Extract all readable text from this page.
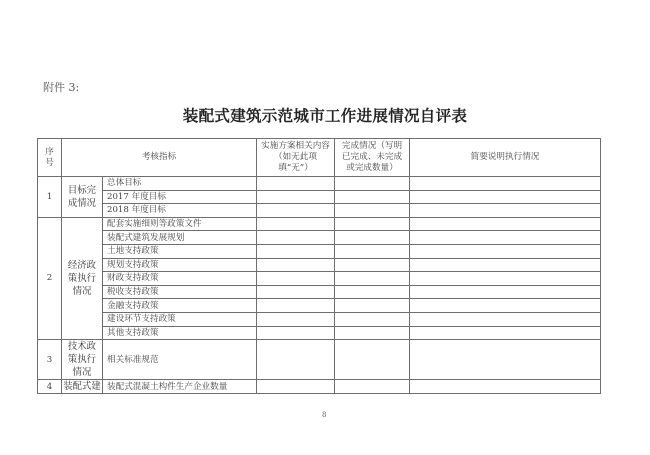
附件 3:
装配式建筑示范城市工作进展情况自评表
序号	考核指标		实施方案相关内容（如无此项填“无”）	完成情况（写明已完成、未完成或完成数量）	简要说明执行情况
1	目标完成情况	总体目标			
		2017 年度目标			
		2018 年度目标			
2	经济政策执行情况	配套实施细则等政策文件			
		装配式建筑发展规划			
		土地支持政策			
		规划支持政策			
		财政支持政策			
		税收支持政策			
		金融支持政策			
		建设环节支持政策			
		其他支持政策			
3	技术政策执行情况	相关标准规范			
4	装配式建	装配式混凝土构件生产企业数量			
8
